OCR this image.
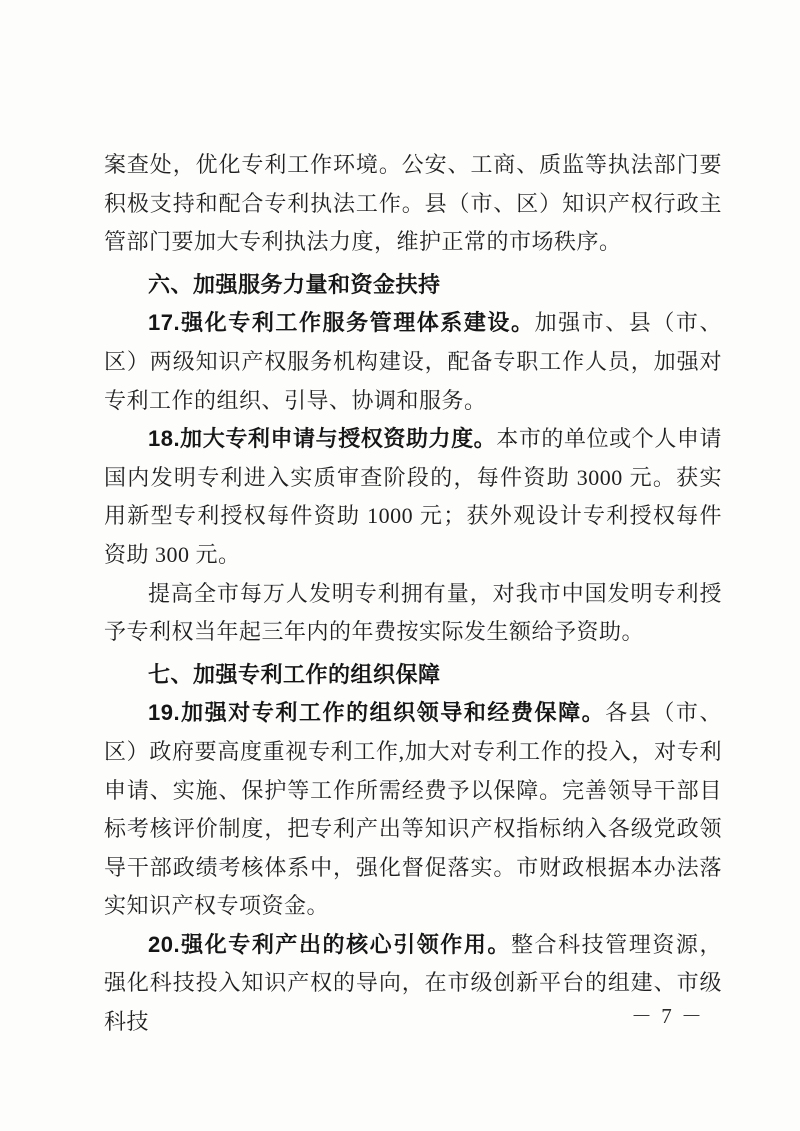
案查处，优化专利工作环境。公安、工商、质监等执法部门要积极支持和配合专利执法工作。县（市、区）知识产权行政主管部门要加大专利执法力度，维护正常的市场秩序。

六、加强服务力量和资金扶持

17.强化专利工作服务管理体系建设。加强市、县（市、区）两级知识产权服务机构建设，配备专职工作人员，加强对专利工作的组织、引导、协调和服务。

18.加大专利申请与授权资助力度。本市的单位或个人申请国内发明专利进入实质审查阶段的，每件资助 3000 元。获实用新型专利授权每件资助 1000 元；获外观设计专利授权每件资助 300 元。

提高全市每万人发明专利拥有量，对我市中国发明专利授予专利权当年起三年内的年费按实际发生额给予资助。

七、加强专利工作的组织保障

19.加强对专利工作的组织领导和经费保障。各县（市、区）政府要高度重视专利工作,加大对专利工作的投入，对专利申请、实施、保护等工作所需经费予以保障。完善领导干部目标考核评价制度，把专利产出等知识产权指标纳入各级党政领导干部政绩考核体系中，强化督促落实。市财政根据本办法落实知识产权专项资金。

20.强化专利产出的核心引领作用。整合科技管理资源， 强化科技投入知识产权的导向，在市级创新平台的组建、市级科技	－ 7 －
